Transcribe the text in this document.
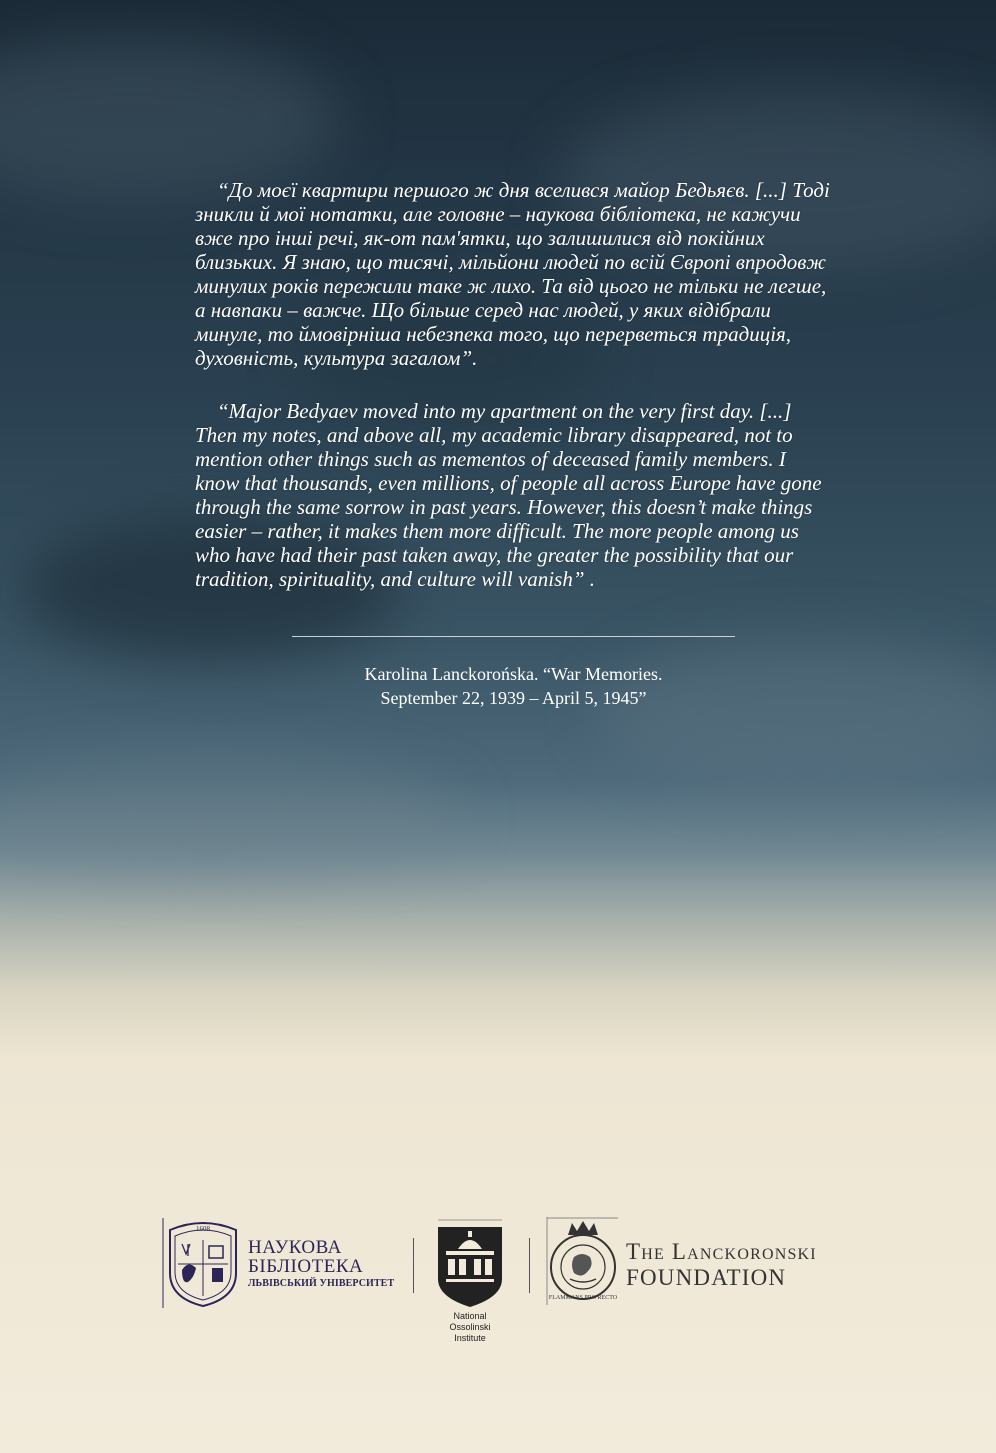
“До моєї квартири першого ж дня вселився майор Бедьяєв. [...] Тоді зникли й мої нотатки, але головне – наукова бібліотека, не кажучи вже про інші речі, як-от пам'ятки, що залишилися від покійних близьких. Я знаю, що тисячі, мільйони людей по всій Європі впродовж минулих років пережили таке ж лихо. Та від цього не тільки не легше, а навпаки – важче. Що більше серед нас людей, у яких відібрали минуле, то ймовірніша небезпека того, що перерветься традиція, духовність, культура загалом”.

“Major Bedyaev moved into my apartment on the very first day. [...] Then my notes, and above all, my academic library disappeared, not to mention other things such as mementos of deceased family members. I know that thousands, even millions, of people all across Europe have gone through the same sorrow in past years. However, this doesn’t make things easier – rather, it makes them more difficult. The more people among us who have had their past taken away, the greater the possibility that our tradition, spirituality, and culture will vanish” .

Karolina Lanckorońska. “War Memories.
September 22, 1939 – April 5, 1945”
1608
НАУКОВА
БІБЛІОТЕКА
ЛЬВІВСЬКИЙ УНІВЕРСИТЕТ
National
Ossolinski
Institute
FLAMMANS PRO RECTO
The Lanckoronski
FOUNDATION
